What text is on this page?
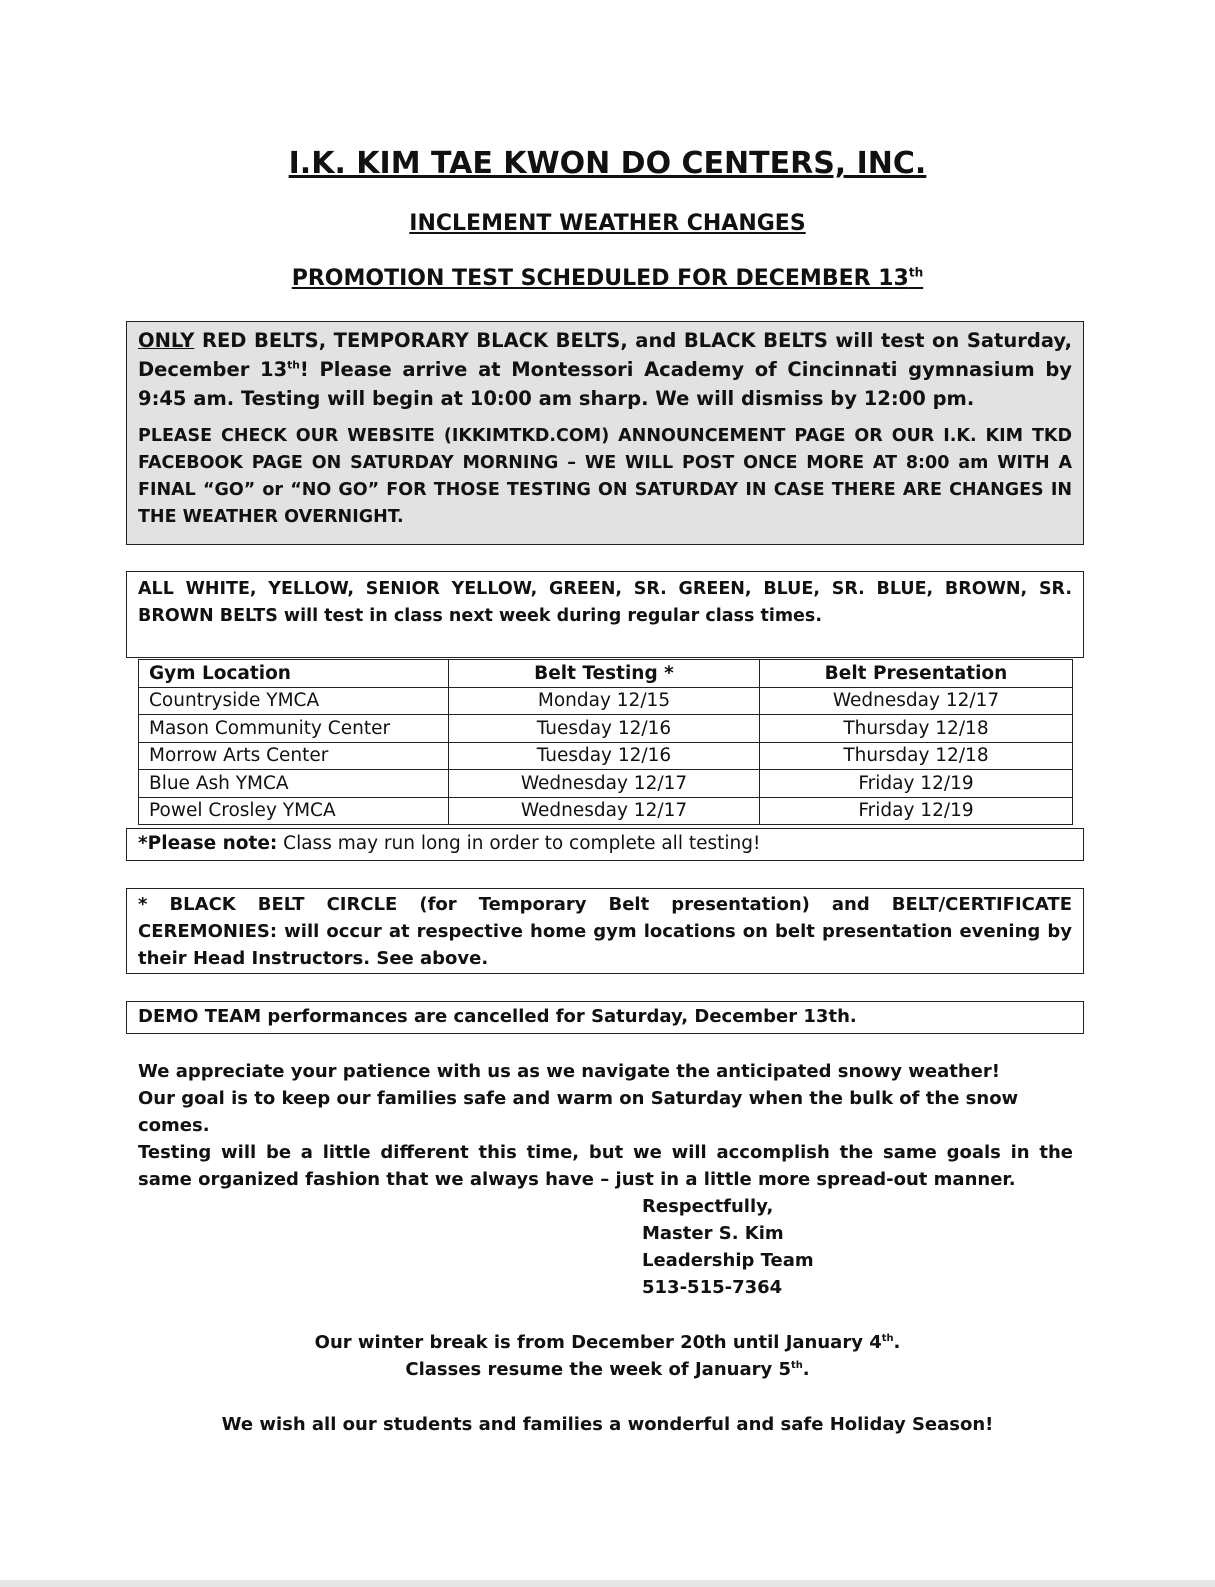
I.K. KIM TAE KWON DO CENTERS, INC.
INCLEMENT WEATHER CHANGES
PROMOTION TEST SCHEDULED FOR DECEMBER 13th
ONLY RED BELTS, TEMPORARY BLACK BELTS, and BLACK BELTS will test on Saturday, December 13th! Please arrive at Montessori Academy of Cincinnati gymnasium by 9:45 am. Testing will begin at 10:00 am sharp. We will dismiss by 12:00 pm.
PLEASE CHECK OUR WEBSITE (IKKIMTKD.COM) ANNOUNCEMENT PAGE OR OUR I.K. KIM TKD FACEBOOK PAGE ON SATURDAY MORNING – WE WILL POST ONCE MORE AT 8:00 am WITH A FINAL “GO” or “NO GO” FOR THOSE TESTING ON SATURDAY IN CASE THERE ARE CHANGES IN THE WEATHER OVERNIGHT.
ALL WHITE, YELLOW, SENIOR YELLOW, GREEN, SR. GREEN, BLUE, SR. BLUE, BROWN, SR. BROWN BELTS will test in class next week during regular class times.
Gym Location	Belt Testing *	Belt Presentation
Countryside YMCA	Monday 12/15	Wednesday 12/17
Mason Community Center	Tuesday 12/16	Thursday 12/18
Morrow Arts Center	Tuesday 12/16	Thursday 12/18
Blue Ash YMCA	Wednesday 12/17	Friday 12/19
Powel Crosley YMCA	Wednesday 12/17	Friday 12/19
*Please note: Class may run long in order to complete all testing!
* BLACK BELT CIRCLE (for Temporary Belt presentation) and BELT/CERTIFICATE CEREMONIES: will occur at respective home gym locations on belt presentation evening by their Head Instructors. See above.
DEMO TEAM performances are cancelled for Saturday, December 13th.
We appreciate your patience with us as we navigate the anticipated snowy weather!
Our goal is to keep our families safe and warm on Saturday when the bulk of the snow comes.
Testing will be a little different this time, but we will accomplish the same goals in the same organized fashion that we always have – just in a little more spread-out manner.
Respectfully,
Master S. Kim
Leadership Team
513-515-7364
Our winter break is from December 20th until January 4th.
Classes resume the week of January 5th.
We wish all our students and families a wonderful and safe Holiday Season!
